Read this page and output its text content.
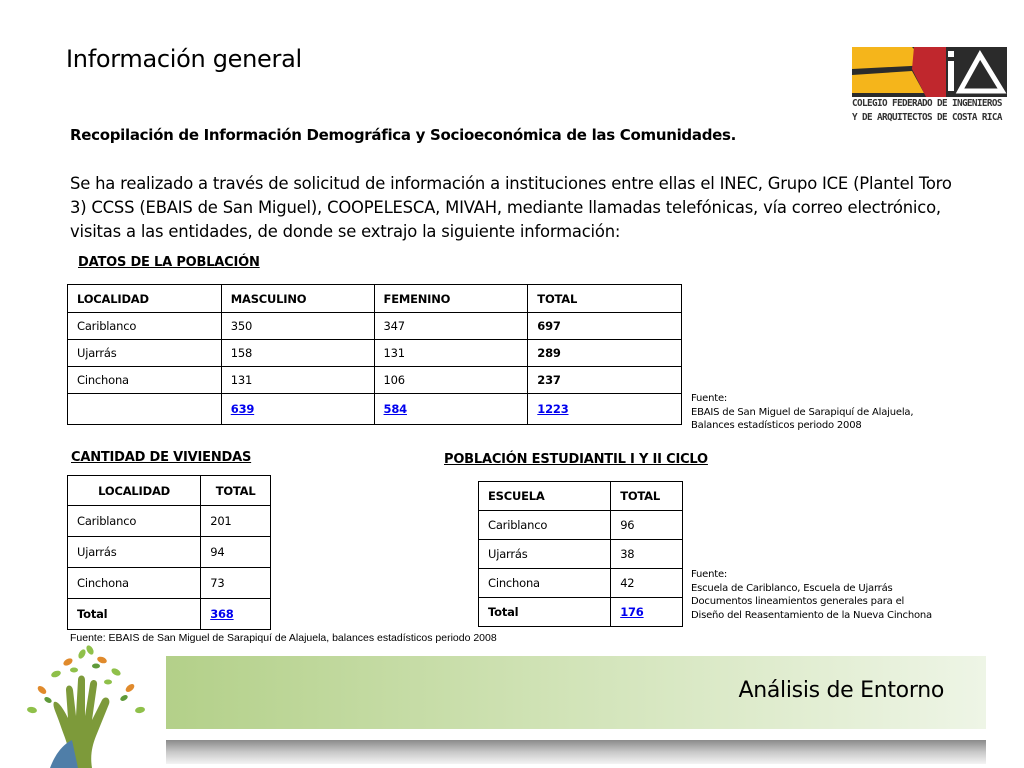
Información general
COLEGIO FEDERADO DE INGENIEROS
Y DE ARQUITECTOS DE COSTA RICA
Recopilación de Información Demográfica y Socioeconómica de las Comunidades.
Se ha realizado a través de solicitud de información a instituciones entre ellas el INEC, Grupo ICE (Plantel Toro 3) CCSS (EBAIS de San Miguel), COOPELESCA, MIVAH, mediante llamadas telefónicas, vía correo electrónico, visitas a las entidades, de donde se extrajo la siguiente información:
DATOS DE LA POBLACIÓN
LOCALIDAD	MASCULINO	FEMENINO	TOTAL
Cariblanco	350	347	697
Ujarrás	158	131	289
Cinchona	131	106	237
	639	584	1223
Fuente:
EBAIS de San Miguel de Sarapiquí de Alajuela,
Balances estadísticos periodo 2008
CANTIDAD DE VIVIENDAS
LOCALIDAD	TOTAL
Cariblanco	201
Ujarrás	94
Cinchona	73
Total	368
Fuente: EBAIS de San Miguel de Sarapiquí de Alajuela, balances estadísticos periodo 2008
POBLACIÓN ESTUDIANTIL I Y II CICLO
ESCUELA	TOTAL
Cariblanco	96
Ujarrás	38
Cinchona	42
Total	176
Fuente:
Escuela de Cariblanco, Escuela de Ujarrás
Documentos lineamientos generales para el
Diseño del Reasentamiento de la Nueva Cinchona
Análisis de Entorno
